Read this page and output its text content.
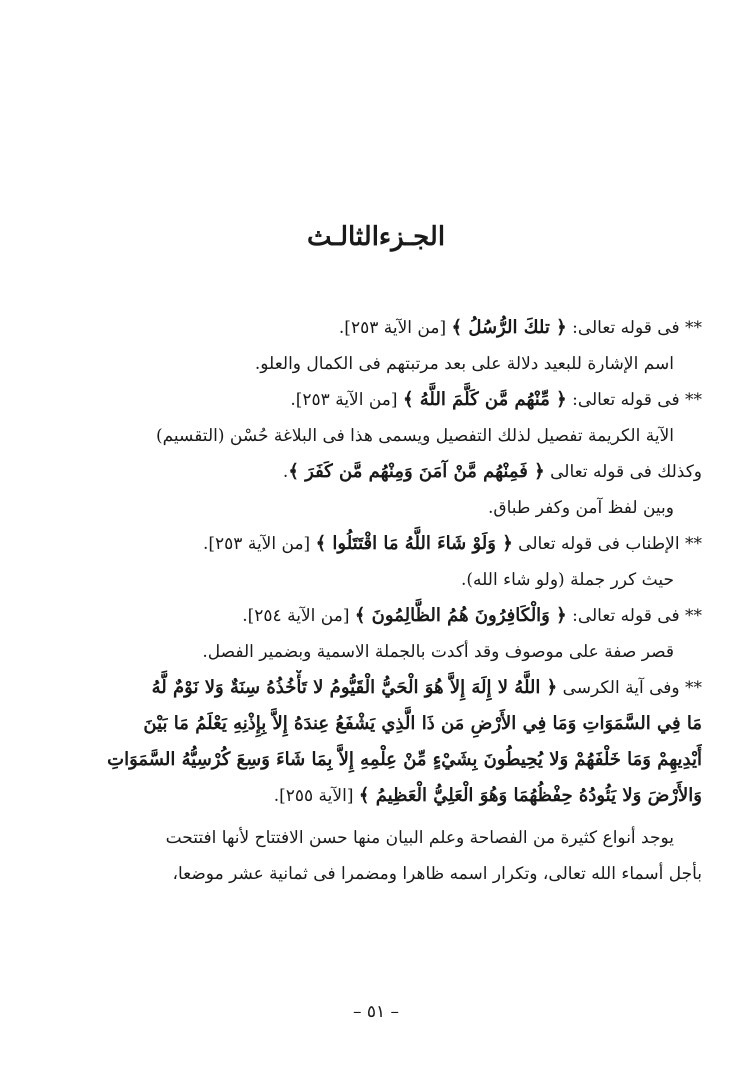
الجـزءالثالـث
** فى قوله تعالى: ﴿ تلكَ الرُّسُلُ ﴾ [من الآية ٢٥٣].
اسم الإشارة للبعيد دلالة على بعد مرتبتهم فى الكمال والعلو.
** فى قوله تعالى: ﴿ مِّنْهُم مَّن كَلَّمَ اللَّهُ ﴾ [من الآية ٢٥٣].
الآية الكريمة تفصيل لذلك التفصيل ويسمى هذا فى البلاغة حُسْن (التقسيم)
وكذلك فى قوله تعالى ﴿ فَمِنْهُم مَّنْ آمَنَ وَمِنْهُم مَّن كَفَرَ ﴾.
وبين لفظ آمن وكفر طباق.
** الإطناب فى قوله تعالى ﴿ وَلَوْ شَاءَ اللَّهُ مَا اقْتَتَلُوا ﴾ [من الآية ٢٥٣].
حيث كرر جملة (ولو شاء الله).
** فى قوله تعالى: ﴿ وَالْكَافِرُونَ هُمُ الظَّالِمُونَ ﴾ [من الآية ٢٥٤].
قصر صفة على موصوف وقد أكدت بالجملة الاسمية وبضمير الفصل.
** وفى آية الكرسى ﴿ اللَّهُ لا إِلَهَ إِلاَّ هُوَ الْحَيُّ الْقَيُّومُ لا تَأْخُذُهُ سِنَةٌ وَلا نَوْمٌ لَّهُ
مَا فِي السَّمَوَاتِ وَمَا فِي الأَرْضِ مَن ذَا الَّذِي يَشْفَعُ عِندَهُ إِلاَّ بِإِذْنِهِ يَعْلَمُ مَا بَيْنَ
أَيْدِيهِمْ وَمَا خَلْفَهُمْ وَلا يُحِيطُونَ بِشَيْءٍ مِّنْ عِلْمِهِ إِلاَّ بِمَا شَاءَ وَسِعَ كُرْسِيُّهُ السَّمَوَاتِ
وَالأَرْضَ وَلا يَئُودُهُ حِفْظُهُمَا وَهُوَ الْعَلِيُّ الْعَظِيمُ ﴾ [الآية ٢٥٥].
يوجد أنواع كثيرة من الفصاحة وعلم البيان منها حسن الافتتاح لأنها افتتحت
بأجل أسماء الله تعالى، وتكرار اسمه ظاهرا ومضمرا فى ثمانية عشر موضعا،
– ٥١ –
